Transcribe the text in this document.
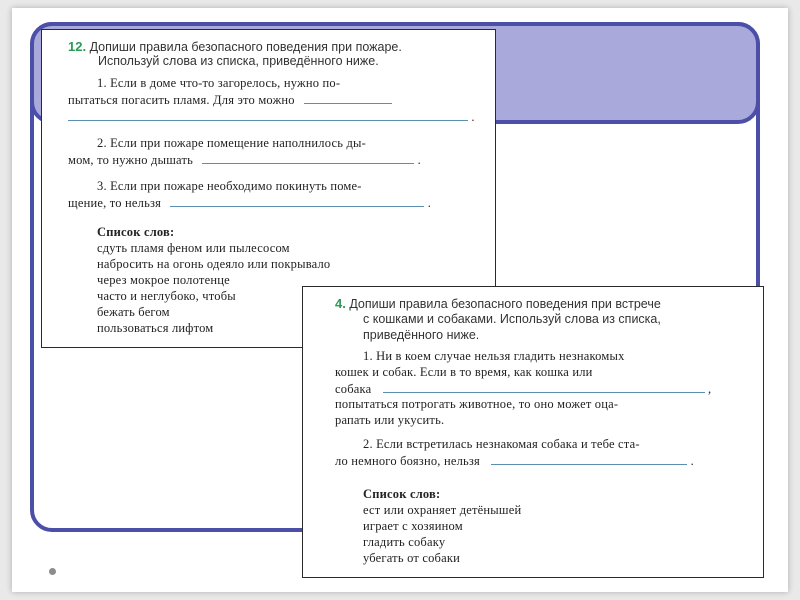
12. Допиши правила безопасного поведения при пожаре.
Используй слова из списка, приведённого ниже.
1. Если в доме что-то загорелось, нужно по-
пытаться погасить пламя. Для это можно
.
2. Если при пожаре помещение наполнилось ды-
мом, то нужно дышать	.
3. Если при пожаре необходимо покинуть поме-
щение, то нельзя	.
Список слов:
сдуть пламя феном или пылесосом
набросить на огонь одеяло или покрывало
через мокрое полотенце
часто и неглубоко, чтобы
бежать бегом
пользоваться лифтом
4. Допиши правила безопасного поведения при встрече
с кошками и собаками. Используй слова из списка,
приведённого ниже.
1. Ни в коем случае нельзя гладить незнакомых
кошек и собак. Если в то время, как кошка или
собака	,
попытаться потрогать животное, то оно может оца-
рапать или укусить.
2. Если встретилась незнакомая собака и тебе ста-
ло немного боязно, нельзя	.
Список слов:
ест или охраняет детёнышей
играет с хозяином
гладить собаку
убегать от собаки
